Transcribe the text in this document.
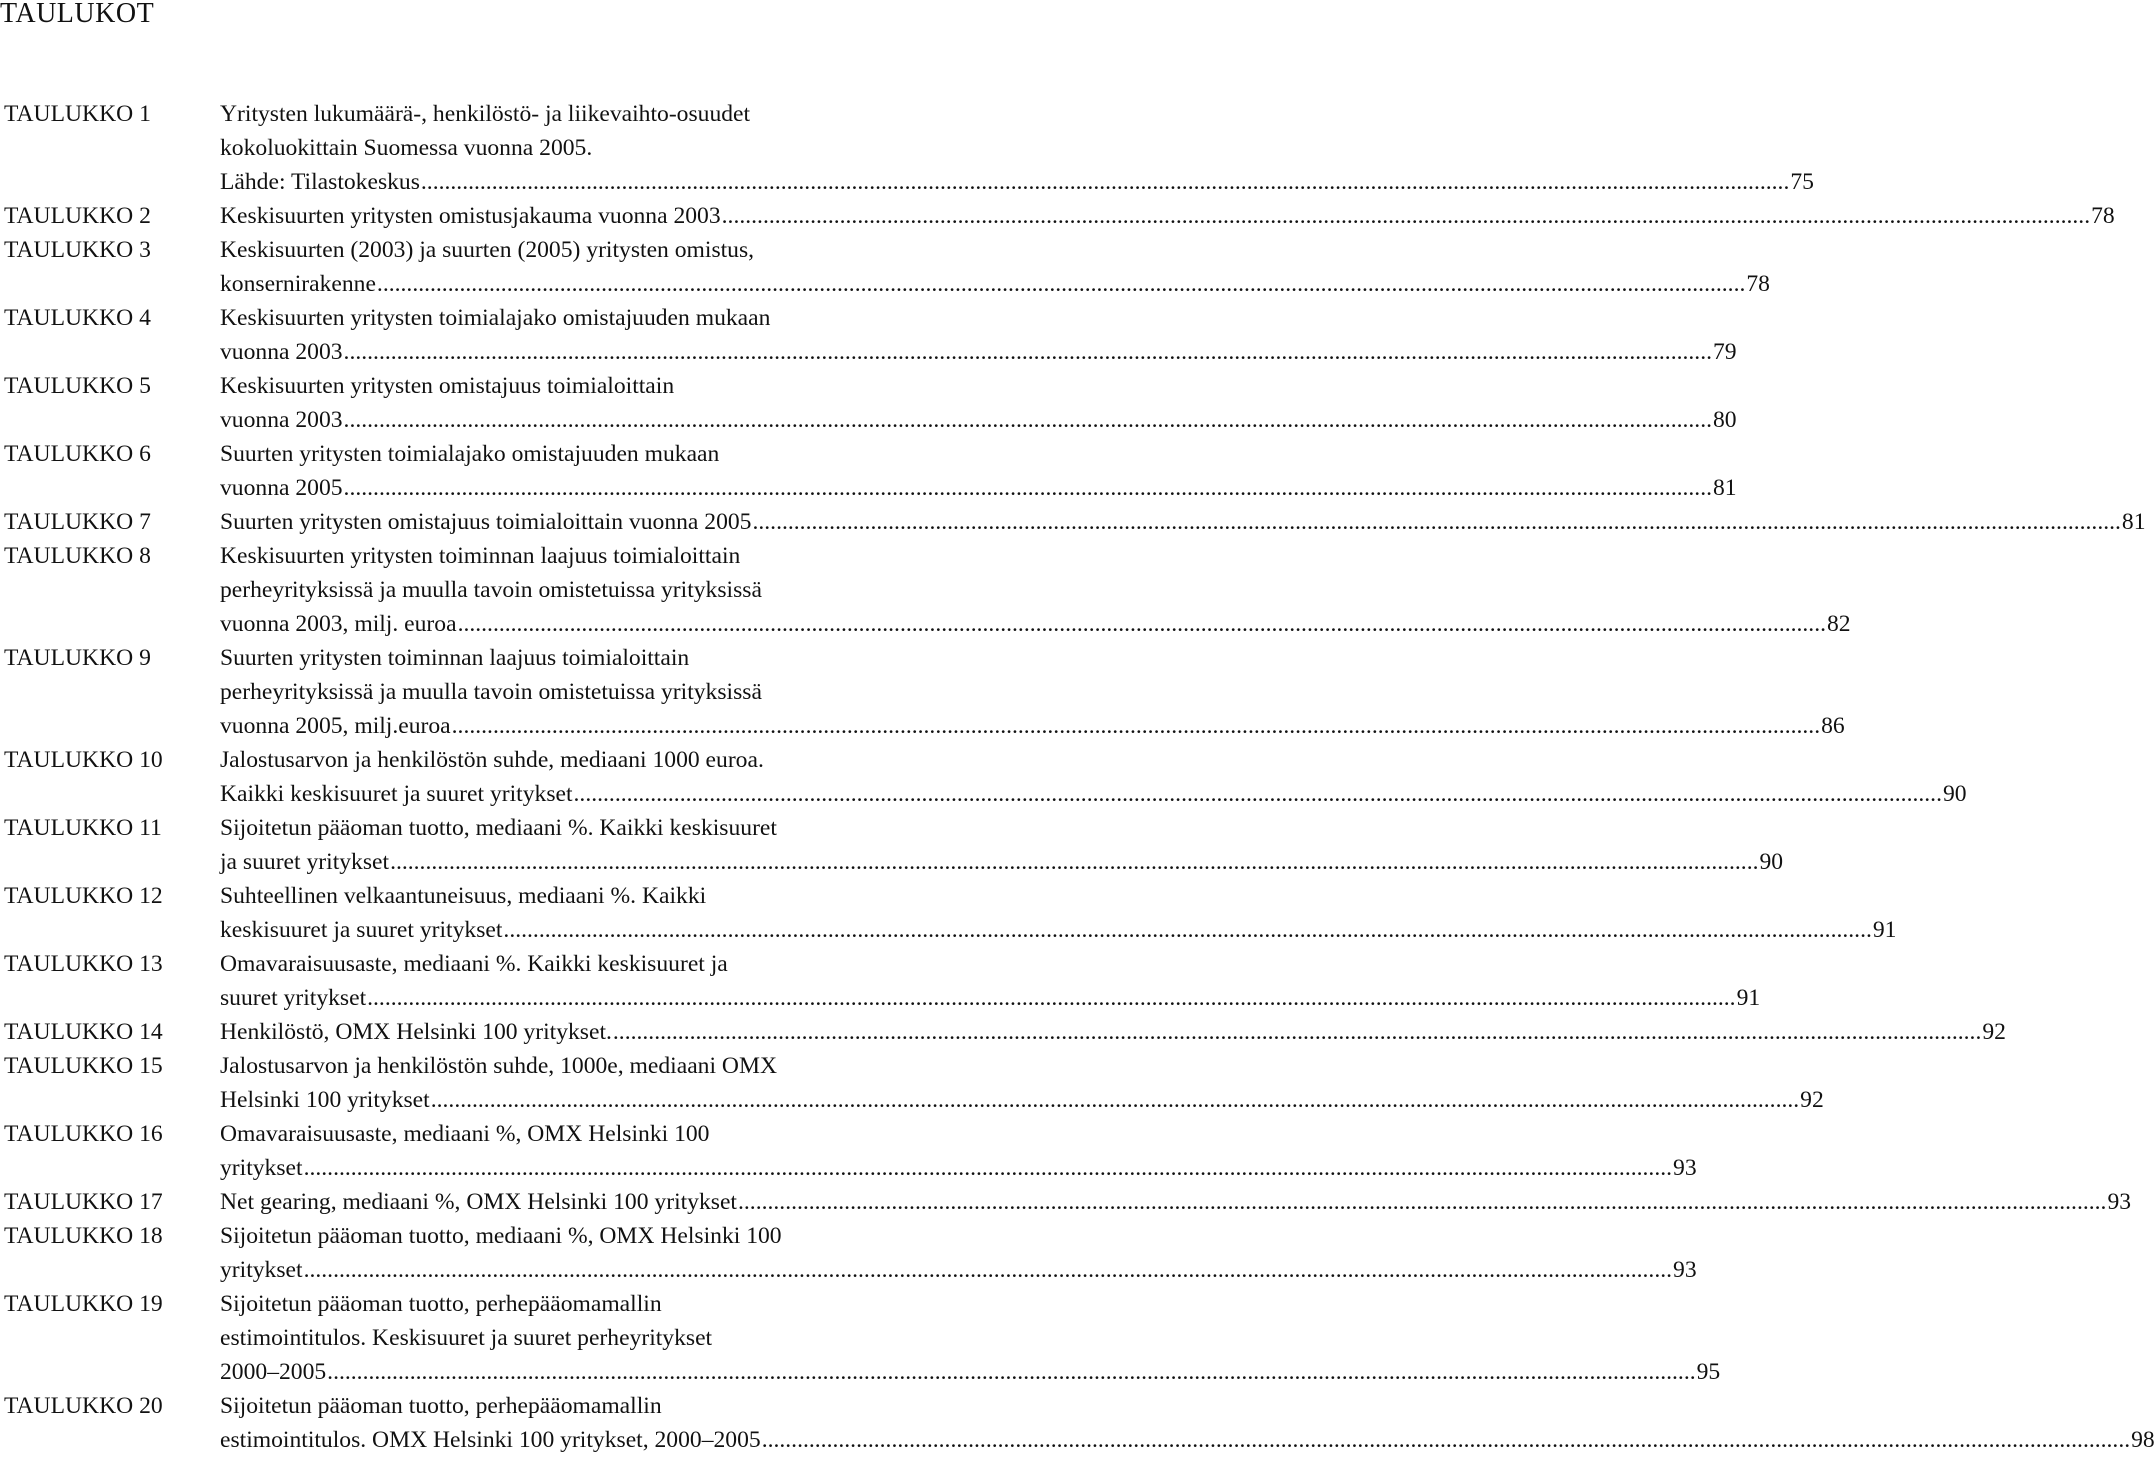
TAULUKOT
TAULUKKO 1	Yritysten lukumäärä-, henkilöstö- ja liikevaihto-osuudet
kokoluokittain Suomessa vuonna 2005.
Lähde: Tilastokeskus .....	75
TAULUKKO 2	Keskisuurten yritysten omistusjakauma vuonna 2003 .....	78
TAULUKKO 3	Keskisuurten (2003) ja suurten (2005) yritysten omistus,
konsernirakenne .....	78
TAULUKKO 4	Keskisuurten yritysten toimialajako omistajuuden mukaan
vuonna 2003 .....	79
TAULUKKO 5	Keskisuurten yritysten omistajuus toimialoittain
vuonna 2003 .....	80
TAULUKKO 6	Suurten yritysten toimialajako omistajuuden mukaan
vuonna 2005 .....	81
TAULUKKO 7	Suurten yritysten omistajuus toimialoittain vuonna 2005 .....	81
TAULUKKO 8	Keskisuurten yritysten toiminnan laajuus toimialoittain
perheyrityksissä ja muulla tavoin omistetuissa yrityksissä
vuonna 2003, milj. euroa .....	82
TAULUKKO 9	Suurten yritysten toiminnan laajuus toimialoittain
perheyrityksissä ja muulla tavoin omistetuissa yrityksissä
vuonna 2005, milj.euroa .....	86
TAULUKKO 10	Jalostusarvon ja henkilöstön suhde, mediaani 1000 euroa.
Kaikki keskisuuret ja suuret yritykset .....	90
TAULUKKO 11	Sijoitetun pääoman tuotto, mediaani %. Kaikki keskisuuret
ja suuret yritykset .....	90
TAULUKKO 12	Suhteellinen velkaantuneisuus, mediaani %. Kaikki
keskisuuret ja suuret yritykset .....	91
TAULUKKO 13	Omavaraisuusaste, mediaani %. Kaikki keskisuuret ja
suuret yritykset .....	91
TAULUKKO 14	Henkilöstö, OMX Helsinki 100 yritykset. .....	92
TAULUKKO 15	Jalostusarvon ja henkilöstön suhde, 1000e, mediaani OMX
Helsinki 100 yritykset .....	92
TAULUKKO 16	Omavaraisuusaste, mediaani %, OMX Helsinki 100
yritykset .....	93
TAULUKKO 17	Net gearing, mediaani %, OMX Helsinki 100 yritykset .....	93
TAULUKKO 18	Sijoitetun pääoman tuotto, mediaani %, OMX Helsinki 100
yritykset .....	93
TAULUKKO 19	Sijoitetun pääoman tuotto, perhepääomamallin
estimointitulos. Keskisuuret ja suuret perheyritykset
2000–2005 .....	95
TAULUKKO 20	Sijoitetun pääoman tuotto, perhepääomamallin
estimointitulos. OMX Helsinki 100 yritykset, 2000–2005 .....	98
